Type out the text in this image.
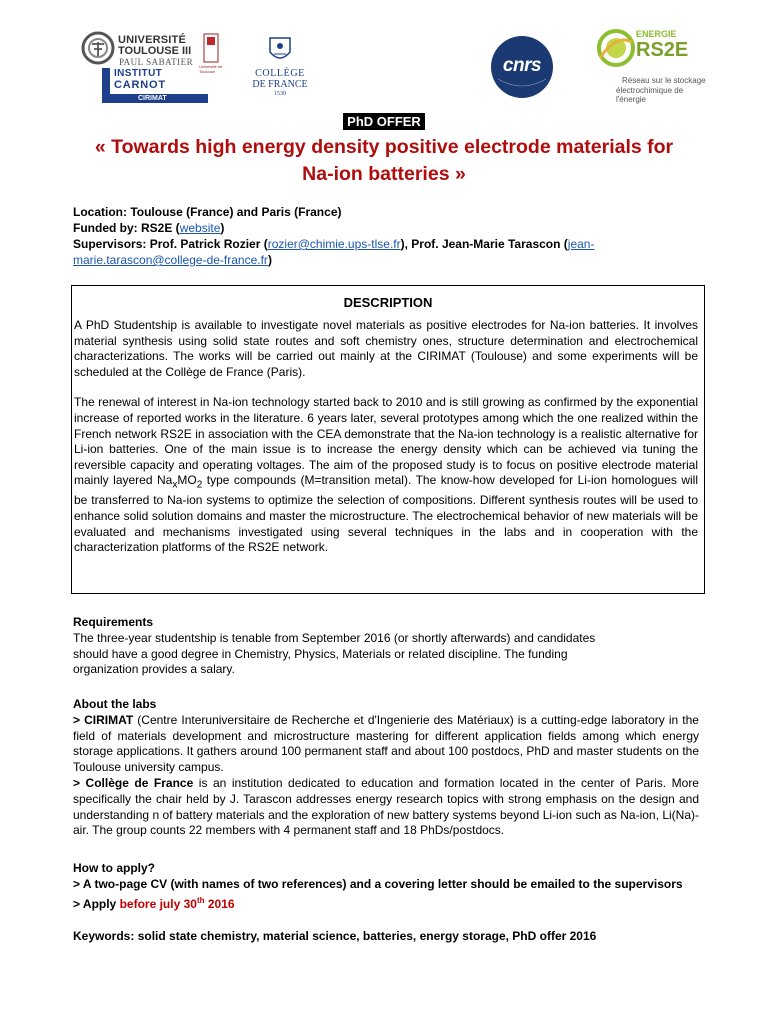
UNIVERSITÉ
TOULOUSE III
PAUL SABATIER Université de Toulouse
INSTITUT
CARNOT
CIRIMAT
COLLÈGE
DE FRANCE
1530
cnrs
ENERGIE
RS2E
Réseau sur le stockage
électrochimique de l'énergie
PhD OFFER
« Towards high energy density positive electrode materials for
Na-ion batteries »
Location: Toulouse (France) and Paris (France)
Funded by: RS2E (website)
Supervisors: Prof. Patrick Rozier (rozier@chimie.ups-tlse.fr), Prof. Jean-Marie Tarascon (jean-marie.tarascon@college-de-france.fr)
DESCRIPTION

A PhD Studentship is available to investigate novel materials as positive electrodes for Na-ion batteries. It involves material synthesis using solid state routes and soft chemistry ones, structure determination and electrochemical characterizations. The works will be carried out mainly at the CIRIMAT (Toulouse) and some experiments will be scheduled at the Collège de France (Paris).

The renewal of interest in Na-ion technology started back to 2010 and is still growing as confirmed by the exponential increase of reported works in the literature. 6 years later, several prototypes among which the one realized within the French network RS2E in association with the CEA demonstrate that the Na-ion technology is a realistic alternative for Li-ion batteries. One of the main issue is to increase the energy density which can be achieved via tuning the reversible capacity and operating voltages. The aim of the proposed study is to focus on positive electrode material mainly layered $Na_xMO_2$ type compounds (M=transition metal). The know-how developed for Li-ion homologues will be transferred to Na-ion systems to optimize the selection of compositions. Different synthesis routes will be used to enhance solid solution domains and master the microstructure. The electrochemical behavior of new materials will be evaluated and mechanisms investigated using several techniques in the labs and in cooperation with the characterization platforms of the RS2E network.

Requirements

The three-year studentship is tenable from September 2016 (or shortly afterwards) and candidates

should have a good degree in Chemistry, Physics, Materials or related discipline. The funding

organization provides a salary.

About the labs

> CIRIMAT (Centre Interuniversitaire de Recherche et d'Ingenierie des Matériaux) is a cutting-edge laboratory in the field of materials development and microstructure mastering for different application fields among which energy storage applications. It gathers around 100 permanent staff and about 100 postdocs, PhD and master students on the Toulouse university campus.

> Collège de France is an institution dedicated to education and formation located in the center of Paris. More specifically the chair held by J. Tarascon addresses energy research topics with strong emphasis on the design and understanding n of battery materials and the exploration of new battery systems beyond Li-ion such as Na-ion, Li(Na)-air. The group counts 22 members with 4 permanent staff and 18 PhDs/postdocs.

How to apply?

> A two-page CV (with names of two references) and a covering letter should be emailed to the supervisors

> Apply before july 30th 2016

Keywords: solid state chemistry, material science, batteries, energy storage, PhD offer 2016
